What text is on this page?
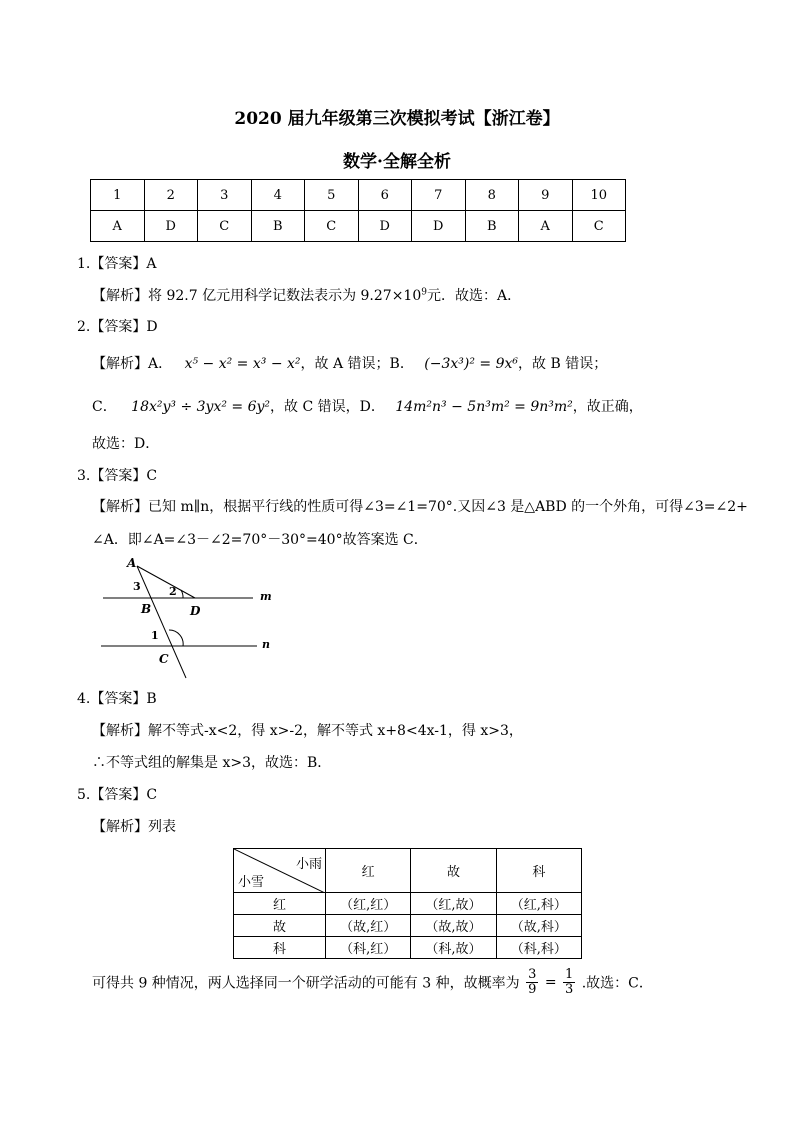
2020 届九年级第三次模拟考试【浙江卷】
数学·全解全析
1	2	3	4	5	6	7	8	9	10
A	D	C	B	C	D	D	B	A	C
1.【答案】A
【解析】将 92.7 亿元用科学记数法表示为 $9.27\times 10^9$元．故选：A．
2.【答案】D
【解析】A． x⁵ − x² = x³ − x²，故 A 错误；B． (−3x³)² = 9x⁶，故 B 错误；
C． 18x²y³ ÷ 3yx² = 6y²，故 C 错误，D． 14m²n³ − 5n³m² = 9n³m²，故正确，
故选：D．
3.【答案】C
【解析】已知 m∥n，根据平行线的性质可得∠3=∠1=70°.又因∠3 是△ABD 的一个外角，可得∠3=∠2+
∠A．即∠A=∠3－∠2=70°－30°=40°故答案选 C．
A
B
C
D
m
n
1
2
3
4.【答案】B
【解析】解不等式-x<2，得 x>-2，解不等式 x+8<4x-1，得 x>3，
∴不等式组的解集是 x>3，故选：B．
5.【答案】C
【解析】列表
小雨
小雪	红	故	科
红	（红,红）	（红,故）	（红,科）
故	（故,红）	（故,故）	（故,科）
科	（科,红）	（科,故）	（科,科）
可得共 9 种情况，两人选择同一个研学活动的可能有 3 种，故概率为 $\frac{3}{9} = \frac{1}{3}$ .故选：C．
